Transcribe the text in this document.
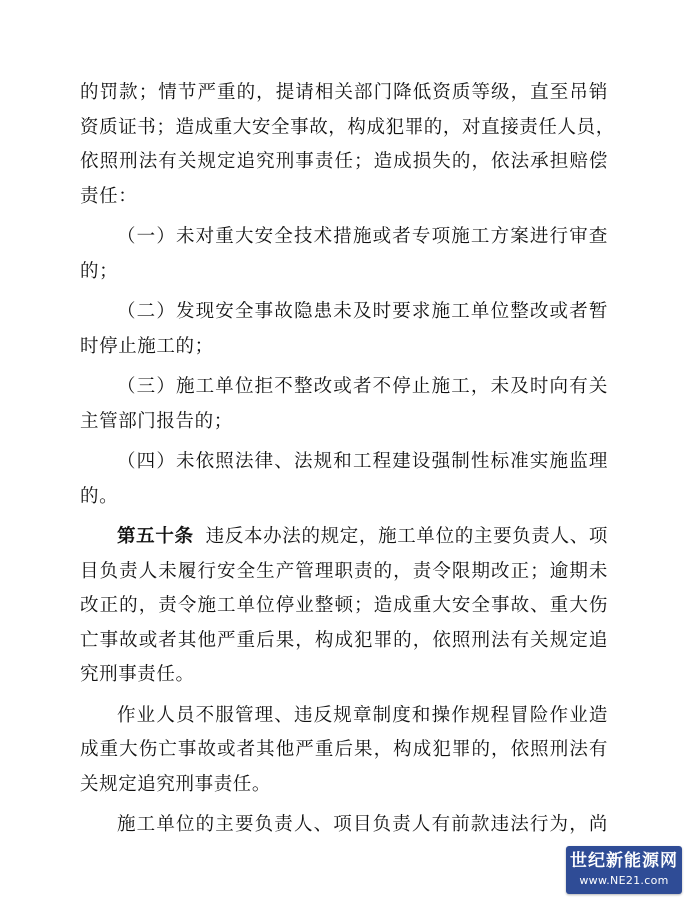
的罚款；情节严重的，提请相关部门降低资质等级，直至吊销
资质证书；造成重大安全事故，构成犯罪的，对直接责任人员，
依照刑法有关规定追究刑事责任；造成损失的，依法承担赔偿
责任：
（一）未对重大安全技术措施或者专项施工方案进行审查
的；
（二）发现安全事故隐患未及时要求施工单位整改或者暂
时停止施工的；
（三）施工单位拒不整改或者不停止施工，未及时向有关
主管部门报告的；
（四）未依照法律、法规和工程建设强制性标准实施监理
的。
第五十条 违反本办法的规定，施工单位的主要负责人、项
目负责人未履行安全生产管理职责的，责令限期改正；逾期未
改正的，责令施工单位停业整顿；造成重大安全事故、重大伤
亡事故或者其他严重后果，构成犯罪的，依照刑法有关规定追
究刑事责任。
作业人员不服管理、违反规章制度和操作规程冒险作业造
成重大伤亡事故或者其他严重后果，构成犯罪的，依照刑法有
关规定追究刑事责任。
施工单位的主要负责人、项目负责人有前款违法行为，尚
世纪新能源网
www.NE21.com
